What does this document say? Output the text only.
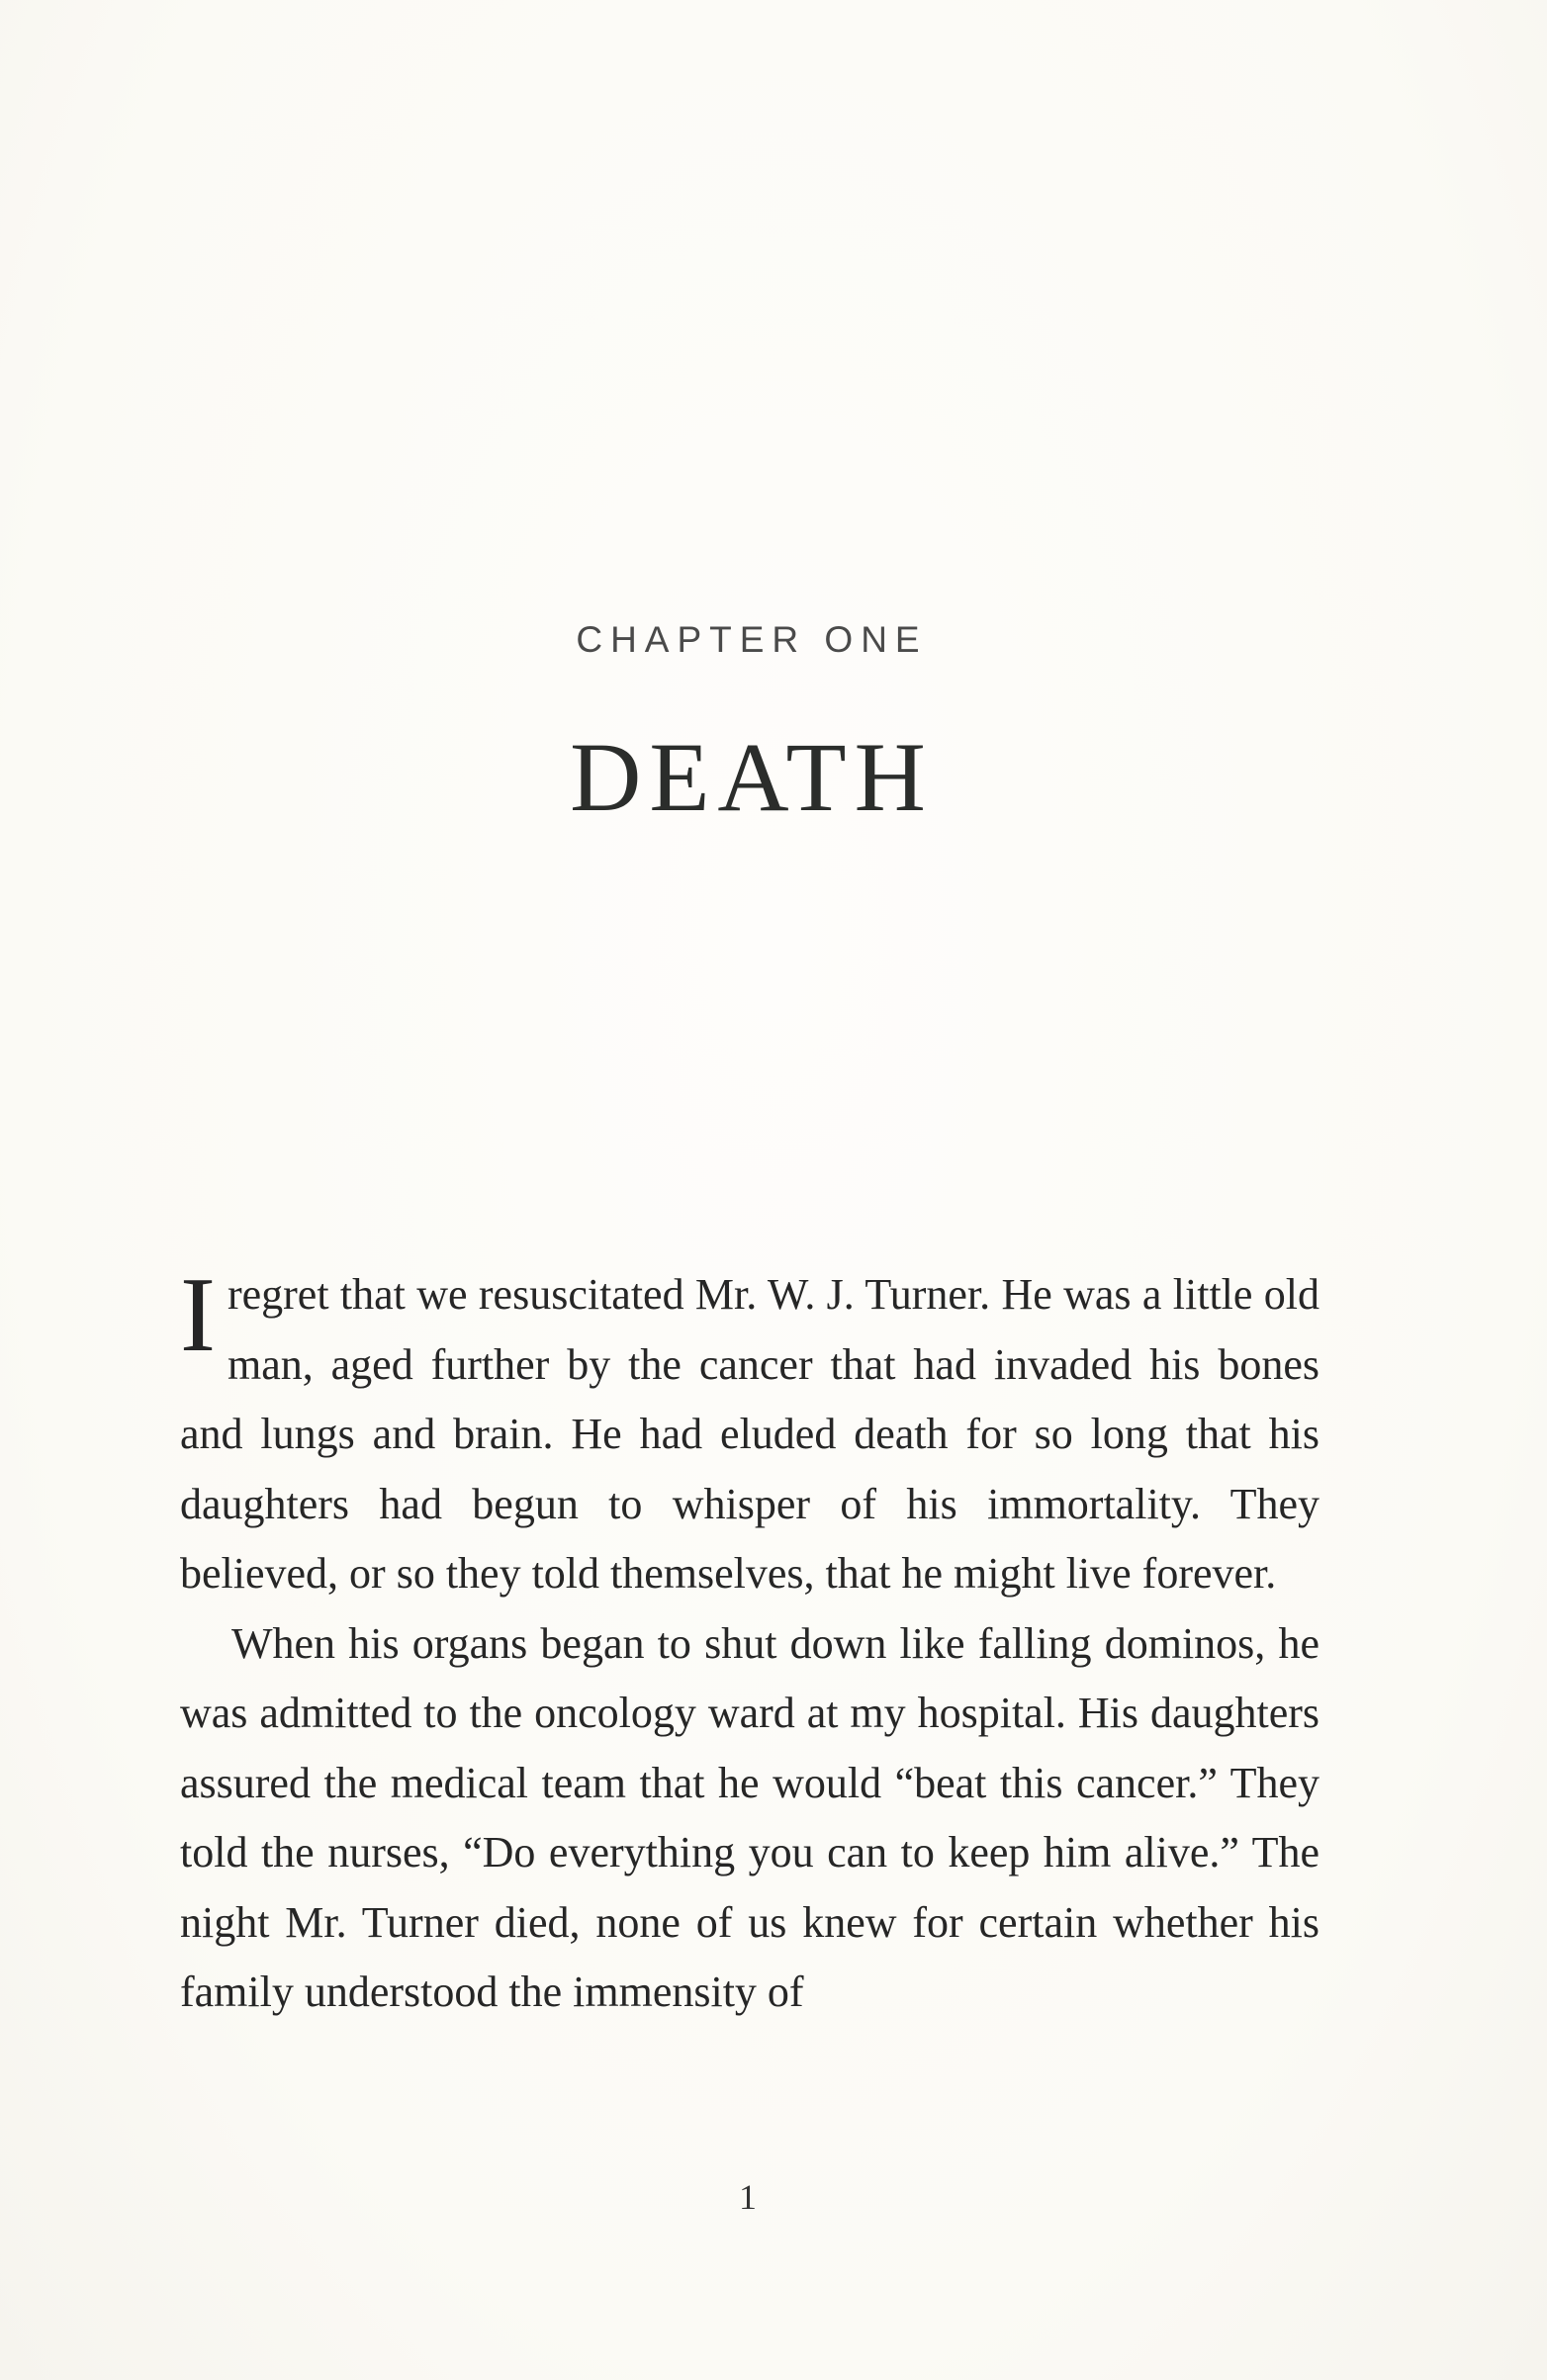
CHAPTER ONE
DEATH

Iregret that we resuscitated Mr. W. J. Turner. He was a little old man, aged further by the cancer that had invaded his bones and lungs and brain. He had eluded death for so long that his daughters had begun to whisper of his immortality. They believed, or so they told themselves, that he might live forever.

When his organs began to shut down like falling dominos, he was admitted to the oncology ward at my hospital. His daughters assured the medical team that he would “beat this cancer.” They told the nurses, “Do everything you can to keep him alive.” The night Mr. Turner died, none of us knew for certain whether his family understood the immensity of

1
